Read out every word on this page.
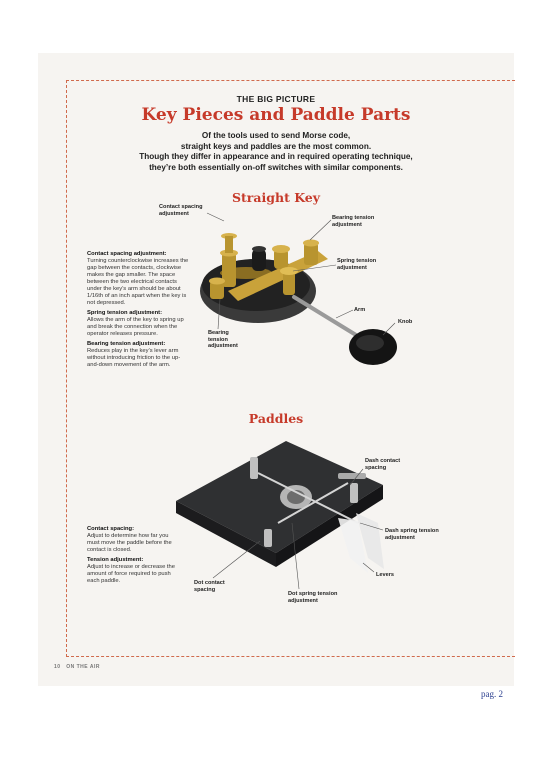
THE BIG PICTURE
Key Pieces and Paddle Parts
Of the tools used to send Morse code,
straight keys and paddles are the most common.
Though they differ in appearance and in required operating technique,
they’re both essentially on-off switches with similar components.
Straight Key
Paddles
Contact spacing adjustment:
Turning counterclockwise increases the gap between the contacts, clockwise makes the gap smaller. The space between the two electrical contacts under the key’s arm should be about 1/16th of an inch apart when the key is not depressed.
Spring tension adjustment:
Allows the arm of the key to spring up and break the connection when the operator releases pressure.
Bearing tension adjustment:
Reduces play in the key’s lever arm without introducing friction to the up-and-down movement of the arm.
Contact spacing adjustment
Bearing tension adjustment
Spring tension adjustment
Arm
Knob
Bearing tension adjustment
Contact spacing:
Adjust to determine how far you must move the paddle before the contact is closed.
Tension adjustment:
Adjust to increase or decrease the amount of force required to push each paddle.
Dash contact spacing
Dash spring tension adjustment
Levers
Dot contact spacing
Dot spring tension adjustment
10 ON THE AIR
pag. 2
